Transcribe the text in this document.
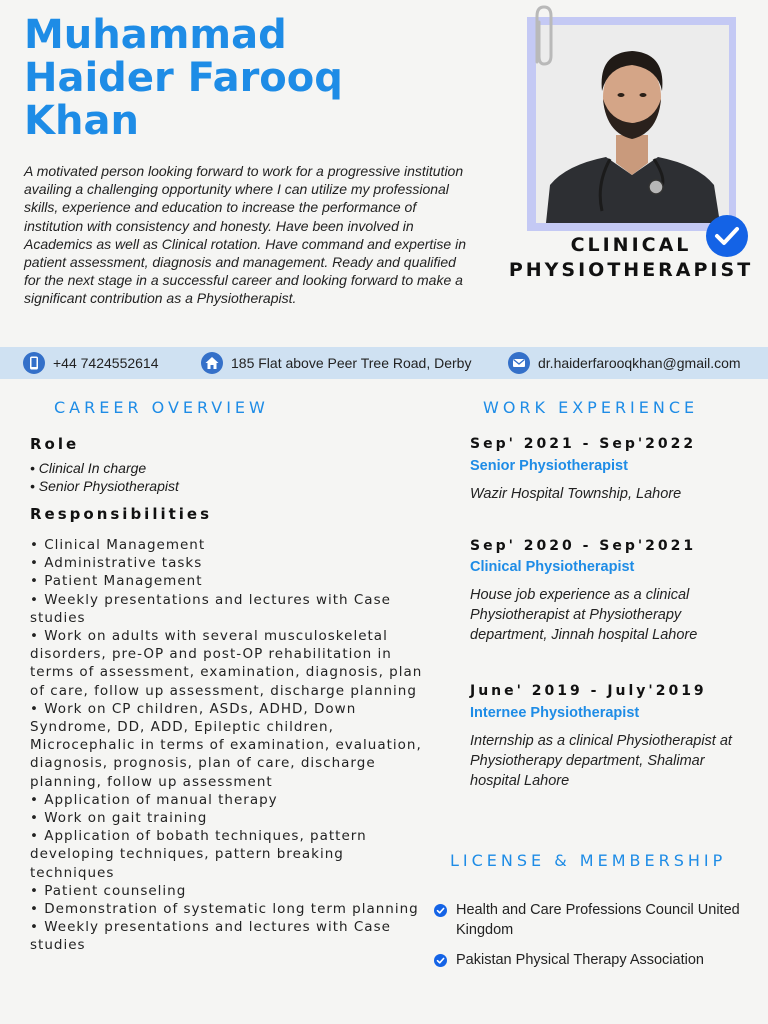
Muhammad
Haider Farooq
Khan

A motivated person looking forward to work for a progressive institution availing a challenging opportunity where I can utilize my professional skills, experience and education to increase the performance of institution with consistency and honesty. Have been involved in Academics as well as Clinical rotation. Have command and expertise in patient assessment, diagnosis and management. Ready and qualified for the next stage in a successful career and looking forward to make a significant contribution as a Physiotherapist.

CLINICAL
PHYSIOTHERAPIST
+44 7424552614	185 Flat above Peer Tree Road, Derby	dr.haiderfarooqkhan@gmail.com
CAREER OVERVIEW
Role
• Clinical In charge
• Senior Physiotherapist
Responsibilities
• Clinical Management
• Administrative tasks
• Patient Management
• Weekly presentations and lectures with Case studies
• Work on adults with several musculoskeletal disorders, pre-OP and post-OP rehabilitation in terms of assessment, examination, diagnosis, plan of care, follow up assessment, discharge planning
• Work on CP children, ASDs, ADHD, Down Syndrome, DD, ADD, Epileptic children, Microcephalic in terms of examination, evaluation, diagnosis, prognosis, plan of care, discharge planning, follow up assessment
• Application of manual therapy
• Work on gait training
• Application of bobath techniques, pattern developing techniques, pattern breaking techniques
• Patient counseling
• Demonstration of systematic long term planning
• Weekly presentations and lectures with Case studies
WORK EXPERIENCE
Sep' 2021 - Sep'2022
Senior Physiotherapist

Wazir Hospital Township, Lahore

Sep' 2020 - Sep'2021
Clinical Physiotherapist

House job experience as a clinical Physiotherapist at Physiotherapy department, Jinnah hospital Lahore

June' 2019 - July'2019
Internee Physiotherapist

Internship as a clinical Physiotherapist at Physiotherapy department, Shalimar hospital Lahore

LICENSE & MEMBERSHIP
Health and Care Professions Council United Kingdom
Pakistan Physical Therapy Association
